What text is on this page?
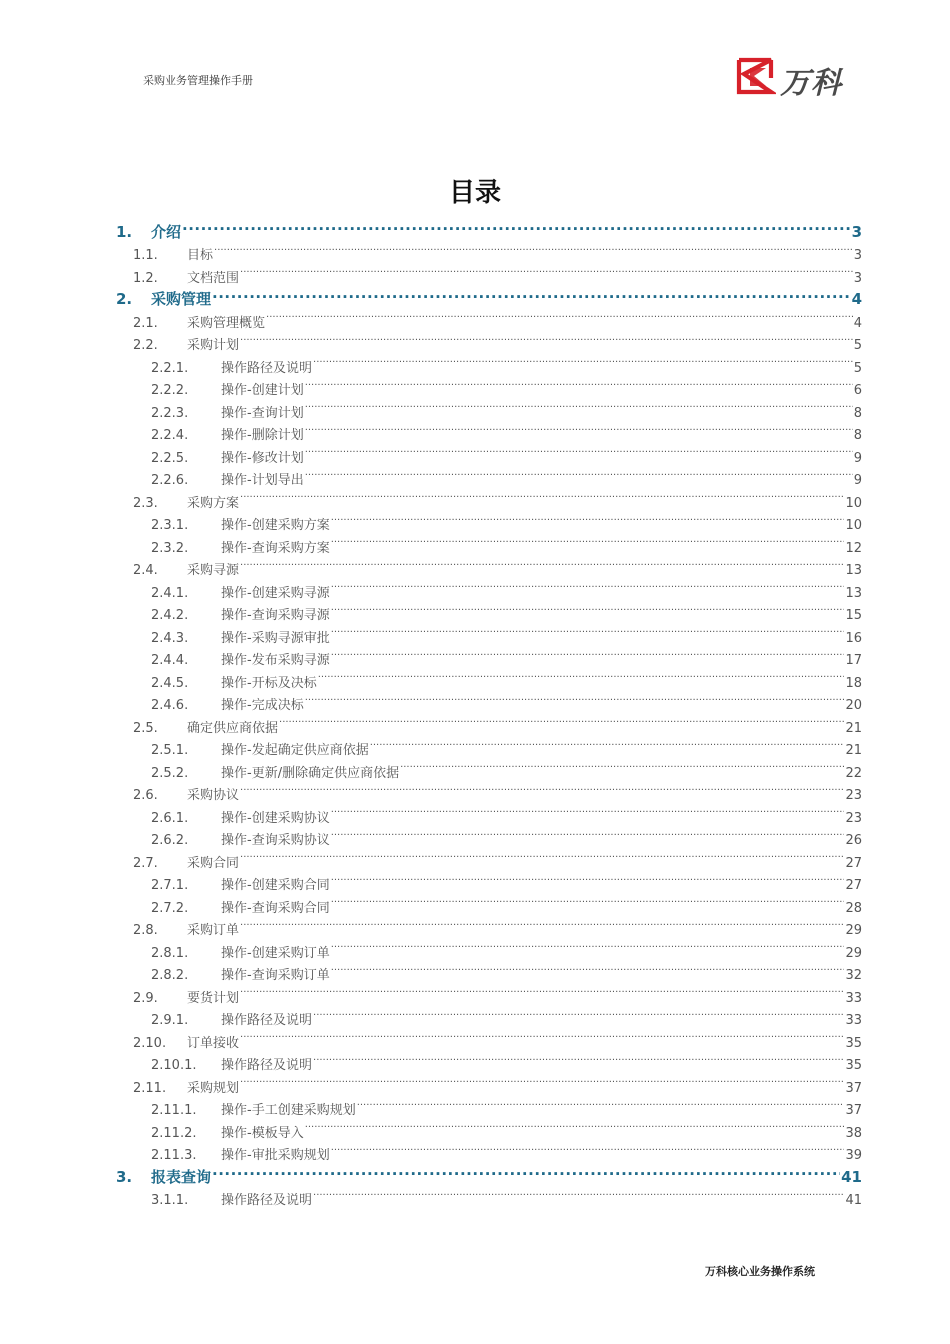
采购业务管理操作手册	万科
目录
1.	介绍 .....	3
1.1.	目标 .....	3
1.2.	文档范围 .....	3
2.	采购管理 .....	4
2.1.	采购管理概览 .....	4
2.2.	采购计划 .....	5
2.2.1.	操作路径及说明 .....	5
2.2.2.	操作-创建计划 .....	6
2.2.3.	操作-查询计划 .....	8
2.2.4.	操作-删除计划 .....	8
2.2.5.	操作-修改计划 .....	9
2.2.6.	操作-计划导出 .....	9
2.3.	采购方案 .....	10
2.3.1.	操作-创建采购方案 .....	10
2.3.2.	操作-查询采购方案 .....	12
2.4.	采购寻源 .....	13
2.4.1.	操作-创建采购寻源 .....	13
2.4.2.	操作-查询采购寻源 .....	15
2.4.3.	操作-采购寻源审批 .....	16
2.4.4.	操作-发布采购寻源 .....	17
2.4.5.	操作-开标及决标 .....	18
2.4.6.	操作-完成决标 .....	20
2.5.	确定供应商依据 .....	21
2.5.1.	操作-发起确定供应商依据 .....	21
2.5.2.	操作-更新/删除确定供应商依据 .....	22
2.6.	采购协议 .....	23
2.6.1.	操作-创建采购协议 .....	23
2.6.2.	操作-查询采购协议 .....	26
2.7.	采购合同 .....	27
2.7.1.	操作-创建采购合同 .....	27
2.7.2.	操作-查询采购合同 .....	28
2.8.	采购订单 .....	29
2.8.1.	操作-创建采购订单 .....	29
2.8.2.	操作-查询采购订单 .....	32
2.9.	要货计划 .....	33
2.9.1.	操作路径及说明 .....	33
2.10.	订单接收 .....	35
2.10.1.	操作路径及说明 .....	35
2.11.	采购规划 .....	37
2.11.1.	操作-手工创建采购规划 .....	37
2.11.2.	操作-模板导入 .....	38
2.11.3.	操作-审批采购规划 .....	39
3.	报表查询 .....	41
3.1.1.	操作路径及说明 .....	41
万科核心业务操作系统
